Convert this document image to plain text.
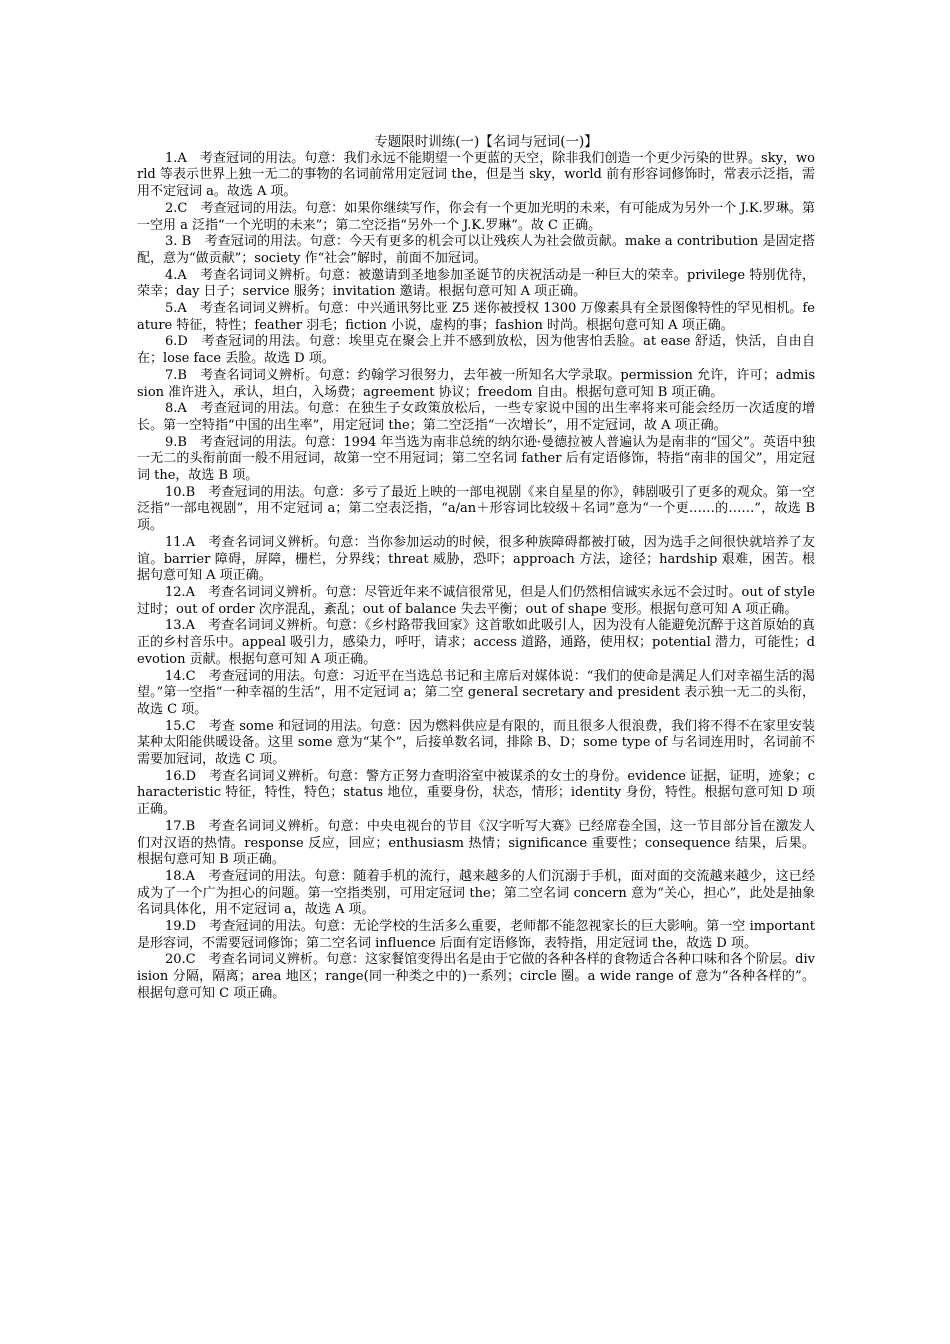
专题限时训练(一)【名词与冠词(一)】

1.A　考查冠词的用法。句意：我们永远不能期望一个更蓝的天空，除非我们创造一个更少污染的世界。sky，world 等表示世界上独一无二的事物的名词前常用定冠词 the，但是当 sky，world 前有形容词修饰时，常表示泛指，需用不定冠词 a。故选 A 项。

2.C　考查冠词的用法。句意：如果你继续写作，你会有一个更加光明的未来，有可能成为另外一个 J.K.罗琳。第一空用 a 泛指“一个光明的未来”；第二空泛指“另外一个 J.K.罗琳”。故 C 正确。

3. B　考查冠词的用法。句意：今天有更多的机会可以让残疾人为社会做贡献。make a contribution 是固定搭配，意为“做贡献”；society 作“社会”解时，前面不加冠词。

4.A　考查名词词义辨析。句意：被邀请到圣地参加圣诞节的庆祝活动是一种巨大的荣幸。privilege 特别优待，荣幸；day 日子；service 服务；invitation 邀请。根据句意可知 A 项正确。

5.A　考查名词词义辨析。句意：中兴通讯努比亚 Z5 迷你被授权 1300 万像素具有全景图像特性的罕见相机。feature 特征，特性；feather 羽毛；fiction 小说，虚构的事；fashion 时尚。根据句意可知 A 项正确。

6.D　考查冠词的用法。句意：埃里克在聚会上并不感到放松，因为他害怕丢脸。at ease 舒适，快活，自由自在；lose face 丢脸。故选 D 项。

7.B　考查名词词义辨析。句意：约翰学习很努力，去年被一所知名大学录取。permission 允许，许可；admission 准许进入，承认，坦白，入场费；agreement 协议；freedom 自由。根据句意可知 B 项正确。

8.A　考查冠词的用法。句意：在独生子女政策放松后，一些专家说中国的出生率将来可能会经历一次适度的增长。第一空特指“中国的出生率”，用定冠词 the；第二空泛指“一次增长”，用不定冠词，故 A 项正确。

9.B　考查冠词的用法。句意：1994 年当选为南非总统的纳尔逊·曼德拉被人普遍认为是南非的“国父”。英语中独一无二的头衔前面一般不用冠词，故第一空不用冠词；第二空名词 father 后有定语修饰，特指“南非的国父”，用定冠词 the，故选 B 项。

10.B　考查冠词的用法。句意：多亏了最近上映的一部电视剧《来自星星的你》，韩剧吸引了更多的观众。第一空泛指“一部电视剧”，用不定冠词 a；第二空表泛指，“a/an＋形容词比较级＋名词”意为“一个更……的……”，故选 B 项。

11.A　考查名词词义辨析。句意：当你参加运动的时候，很多种族障碍都被打破，因为选手之间很快就培养了友谊。barrier 障碍，屏障，栅栏，分界线；threat 威胁，恐吓；approach 方法，途径；hardship 艰难，困苦。根据句意可知 A 项正确。

12.A　考查名词词义辨析。句意：尽管近年来不诚信很常见，但是人们仍然相信诚实永远不会过时。out of style 过时；out of order 次序混乱，紊乱；out of balance 失去平衡；out of shape 变形。根据句意可知 A 项正确。

13.A　考查名词词义辨析。句意：《乡村路带我回家》这首歌如此吸引人，因为没有人能避免沉醉于这首原始的真正的乡村音乐中。appeal 吸引力，感染力，呼吁，请求；access 道路，通路，使用权；potential 潜力，可能性；devotion 贡献。根据句意可知 A 项正确。

14.C　考查冠词的用法。句意：习近平在当选总书记和主席后对媒体说：“我们的使命是满足人们对幸福生活的渴望。”第一空指“一种幸福的生活”，用不定冠词 a；第二空 general secretary and president 表示独一无二的头衔，故选 C 项。

15.C　考查 some 和冠词的用法。句意：因为燃料供应是有限的，而且很多人很浪费，我们将不得不在家里安装某种太阳能供暖设备。这里 some 意为“某个”，后接单数名词，排除 B、D；some type of 与名词连用时，名词前不需要加冠词，故选 C 项。

16.D　考查名词词义辨析。句意：警方正努力查明浴室中被谋杀的女士的身份。evidence 证据，证明，迹象；characteristic 特征，特性，特色；status 地位，重要身份，状态，情形；identity 身份，特性。根据句意可知 D 项正确。

17.B　考查名词词义辨析。句意：中央电视台的节目《汉字听写大赛》已经席卷全国，这一节目部分旨在激发人们对汉语的热情。response 反应，回应；enthusiasm 热情；significance 重要性；consequence 结果，后果。根据句意可知 B 项正确。

18.A　考查冠词的用法。句意：随着手机的流行，越来越多的人们沉溺于手机，面对面的交流越来越少，这已经成为了一个广为担心的问题。第一空指类别，可用定冠词 the；第二空名词 concern 意为“关心，担心”，此处是抽象名词具体化，用不定冠词 a，故选 A 项。

19.D　考查冠词的用法。句意：无论学校的生活多么重要，老师都不能忽视家长的巨大影响。第一空 important 是形容词，不需要冠词修饰；第二空名词 influence 后面有定语修饰，表特指，用定冠词 the，故选 D 项。

20.C　考查名词词义辨析。句意：这家餐馆变得出名是由于它做的各种各样的食物适合各种口味和各个阶层。division 分隔，隔离；area 地区；range(同一种类之中的)一系列；circle 圈。a wide range of 意为“各种各样的”。根据句意可知 C 项正确。
